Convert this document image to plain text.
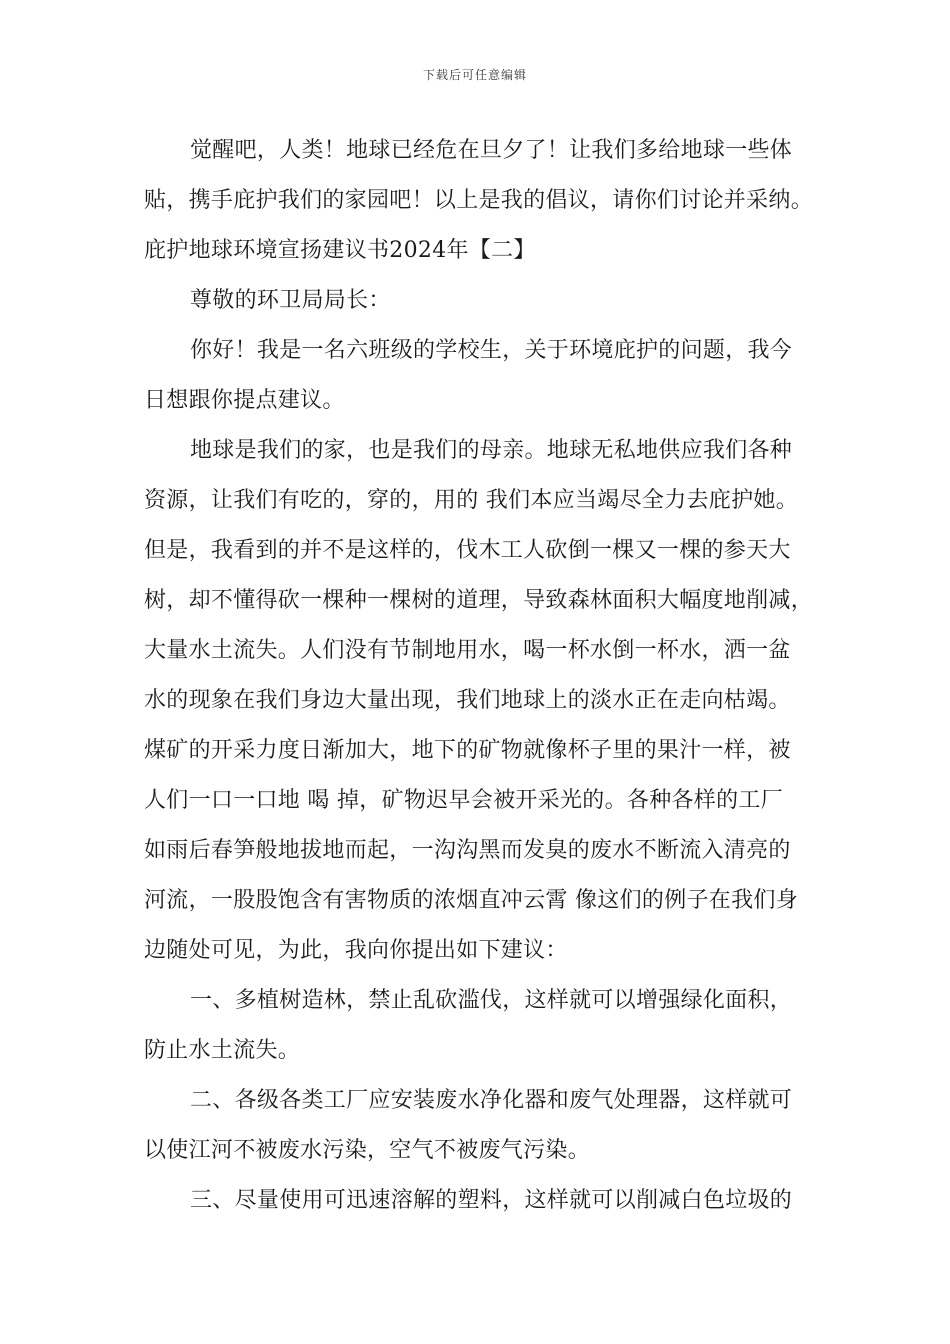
下载后可任意编辑
觉醒吧，人类！地球已经危在旦夕了！让我们多给地球一些体
贴，携手庇护我们的家园吧！以上是我的倡议，请你们讨论并采纳。
庇护地球环境宣扬建议书2024年【二】
尊敬的环卫局局长：
你好！我是一名六班级的学校生，关于环境庇护的问题，我今
日想跟你提点建议。
地球是我们的家，也是我们的母亲。地球无私地供应我们各种
资源，让我们有吃的，穿的，用的 我们本应当竭尽全力去庇护她。
但是，我看到的并不是这样的，伐木工人砍倒一棵又一棵的参天大
树，却不懂得砍一棵种一棵树的道理，导致森林面积大幅度地削减，
大量水土流失。人们没有节制地用水，喝一杯水倒一杯水，洒一盆
水的现象在我们身边大量出现，我们地球上的淡水正在走向枯竭。
煤矿的开采力度日渐加大，地下的矿物就像杯子里的果汁一样，被
人们一口一口地 喝 掉，矿物迟早会被开采光的。各种各样的工厂
如雨后春笋般地拔地而起，一沟沟黑而发臭的废水不断流入清亮的
河流，一股股饱含有害物质的浓烟直冲云霄 像这们的例子在我们身
边随处可见，为此，我向你提出如下建议：
一、多植树造林，禁止乱砍滥伐，这样就可以增强绿化面积，
防止水土流失。
二、各级各类工厂应安装废水净化器和废气处理器，这样就可
以使江河不被废水污染，空气不被废气污染。
三、尽量使用可迅速溶解的塑料，这样就可以削减白色垃圾的
